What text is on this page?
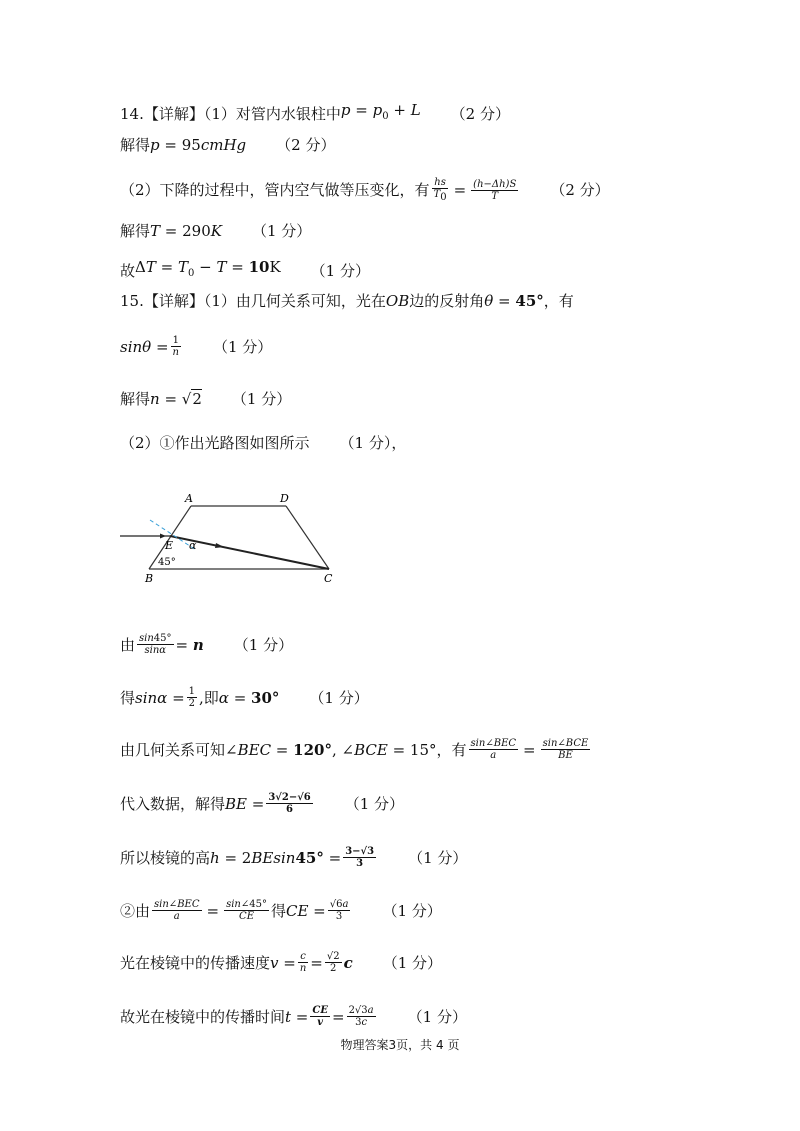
14.【详解】（1）对管内水银柱中 $p = p_0 + L$ （2 分）
解得 p = 95cmHg （2 分）
（2）下降的过程中，管内空气做等压变化，有 $\frac{hs}{T_0} = \frac{(h-\Delta h)S}{T} (2$ 分）
解得 T = 290K （1 分）
故 $\Delta T = T_0 - T = 10K$ （1 分）
15.【详解】（1）由几何关系可知，光在 OB 边的反射角 θ = 45° ，有
$\sin\theta = \frac{1}{n} (1$ 分）
解得 n = √2 （1 分）
（2）①作出光路图如图所示 （1 分），
A	D
E α
45°
B	C
由 $\frac{\sin 45^\circ}{\sin\alpha} = n$ （1 分）
得 $\sin\alpha = \frac{1}{2}$ ,即 α = 30° （1 分）
由几何关系可知 ∠BEC = 120°, ∠BCE = 15°， 有 $\frac{\text{sin∠BEC}}{a} = \frac{\text{sin∠BCE}}{BE}$
代入数据，解得 BE = $\frac{3√2-√6}{6} (1$ 分）
所以棱镜的高 $h = 2BEsin45^\circ = \frac{3-√3}{3} (1$ 分）
②由 $\frac{\text{sin∠BEC}}{a} = \frac{\sin\angle 45^\circ}{CE}$ 得 CE = $\frac{√6a}{3} (1$ 分）
光在棱镜中的传播速度 $v = \frac{c}{n} = \frac{√2}{2}$ c （1 分）
故光在棱镜中的传播时间 $t = \frac{CE}{v} = \frac{2√3a}{3c} (1$ 分）
物理答案3页，共 4 页
